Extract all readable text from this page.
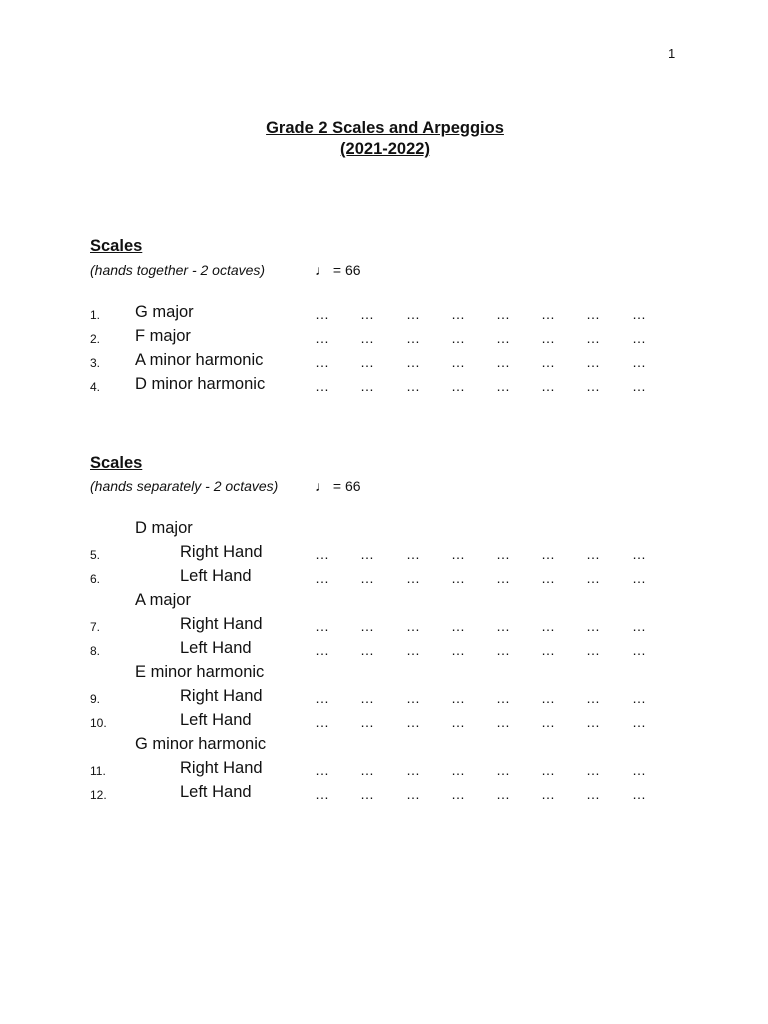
1
Grade 2 Scales and Arpeggios
(2021-2022)
Scales
(hands together - 2 octaves)	♩ = 66
1. G major	… … … … … … … …
2. F major	… … … … … … … …
3. A minor harmonic	… … … … … … … …
4. D minor harmonic	… … … … … … … …
Scales
(hands separately - 2 octaves)	♩ = 66
D major
5.	Right Hand	… … … … … … … …
6.	Left Hand	… … … … … … … …
A major
7.	Right Hand	… … … … … … … …
8.	Left Hand	… … … … … … … …
E minor harmonic
9.	Right Hand	… … … … … … … …
10.	Left Hand	… … … … … … … …
G minor harmonic
11.	Right Hand	… … … … … … … …
12.	Left Hand	… … … … … … … …
